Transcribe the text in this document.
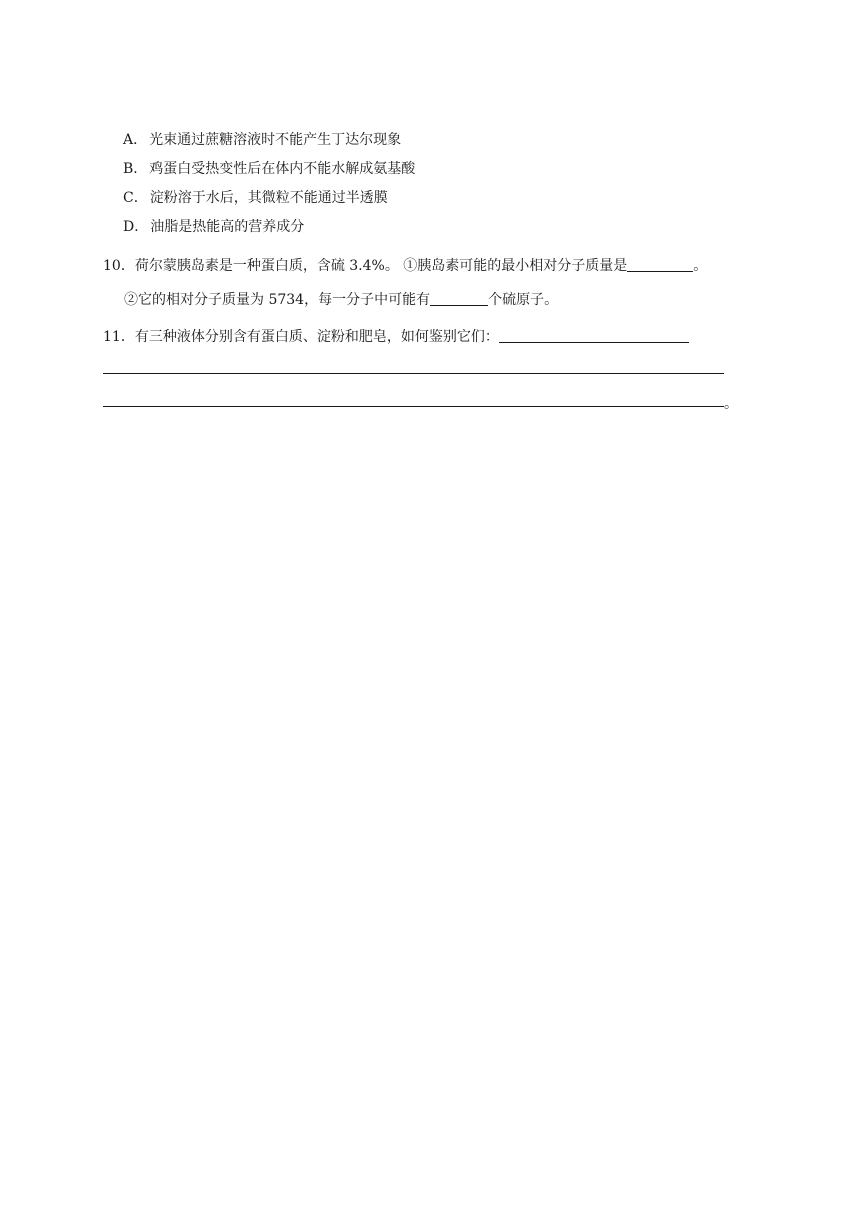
A． 光束通过蔗糖溶液时不能产生丁达尔现象
B． 鸡蛋白受热变性后在体内不能水解成氨基酸
C． 淀粉溶于水后，其微粒不能通过半透膜
D． 油脂是热能高的营养成分
10．荷尔蒙胰岛素是一种蛋白质，含硫 3.4%。 ①胰岛素可能的最小相对分子质量是	。
②它的相对分子质量为 5734，每一分子中可能有	个硫原子。
11．有三种液体分别含有蛋白质、淀粉和肥皂，如何鉴别它们：
。
